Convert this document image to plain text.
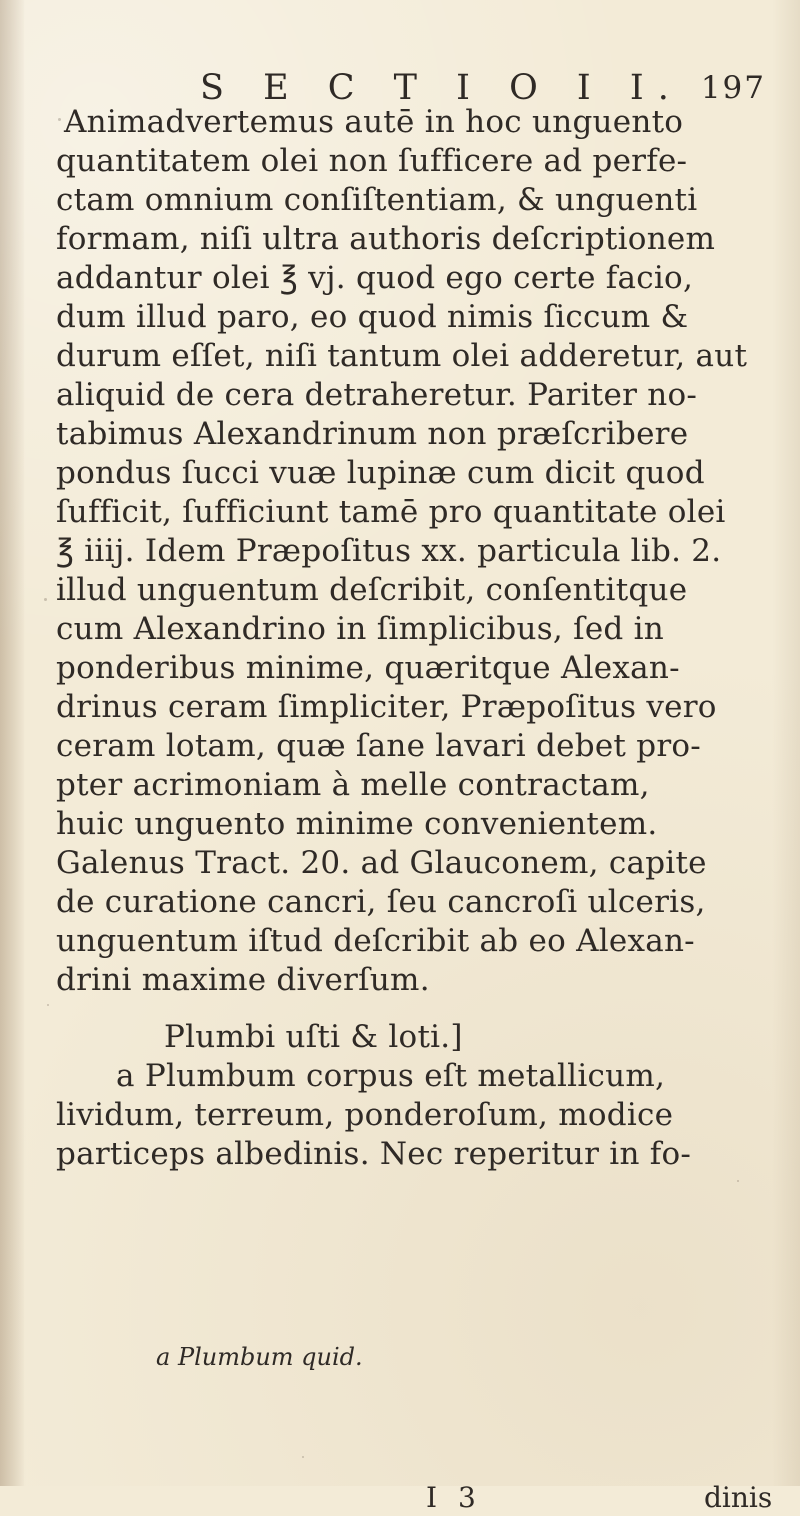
S E C T I O I I. 197

Animadvertemus autē in hoc unguento

quantitatem olei non ſufficere ad perfe-

ctam omnium conſiſtentiam, & unguenti

formam, niſi ultra authoris deſcriptionem

addantur olei ℥ vj. quod ego certe facio,

dum illud paro, eo quod nimis ſiccum &

durum eſſet, niſi tantum olei adderetur, aut

aliquid de cera detraheretur. Pariter no-

tabimus Alexandrinum non præſcribere

pondus ſucci vuæ lupinæ cum dicit quod

ſufficit, ſufficiunt tamē pro quantitate olei

℥ iiij. Idem Præpoſitus xx. particula lib. 2.

illud unguentum deſcribit, conſentitque

cum Alexandrino in ſimplicibus, ſed in

ponderibus minime, quæritque Alexan-

drinus ceram ſimpliciter, Præpoſitus vero

ceram lotam, quæ ſane lavari debet pro-

pter acrimoniam à melle contractam,

huic unguento minime convenientem.

Galenus Tract. 20. ad Glauconem, capite

de curatione cancri, ſeu cancroſi ulceris,

unguentum iſtud deſcribit ab eo Alexan-

drini maxime diverſum.

Plumbi uſti & loti.]

a Plumbum corpus eſt metallicum,

lividum, terreum, ponderoſum, modice

particeps albedinis. Nec reperitur in fo-

I 3	dinis
a Plumbum quid.
